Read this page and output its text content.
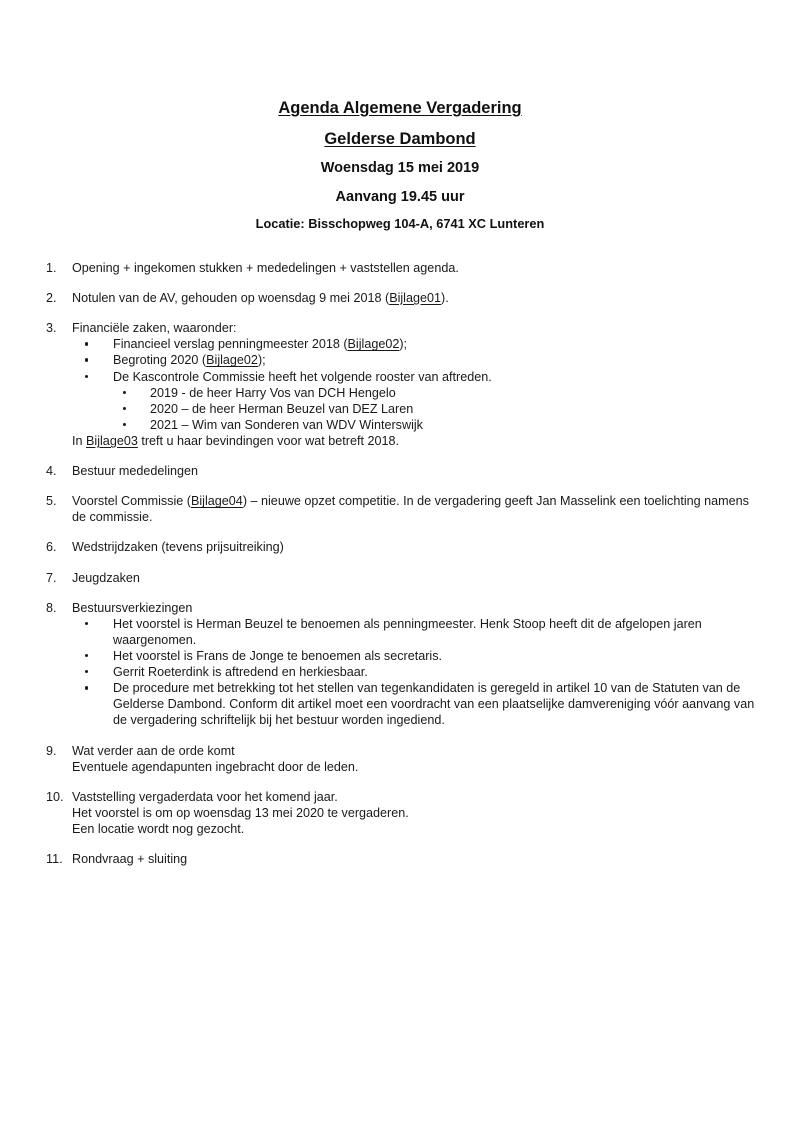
Agenda Algemene Vergadering
Gelderse Dambond
Woensdag 15 mei 2019
Aanvang 19.45 uur
Locatie: Bisschopweg 104-A, 6741 XC Lunteren
1.	Opening + ingekomen stukken + mededelingen + vaststellen agenda.
2.	Notulen van de AV, gehouden op woensdag 9 mei 2018 (Bijlage01).
3.	Financiële zaken, waaronder:
Financieel verslag penningmeester 2018 (Bijlage02);
Begroting 2020 (Bijlage02);
De Kascontrole Commissie heeft het volgende rooster van aftreden.
2019 - de heer Harry Vos van DCH Hengelo
2020 – de heer Herman Beuzel van DEZ Laren
2021 – Wim van Sonderen van WDV Winterswijk
In Bijlage03 treft u haar bevindingen voor wat betreft 2018.
4.	Bestuur mededelingen
5.	Voorstel Commissie (Bijlage04) – nieuwe opzet competitie. In de vergadering geeft Jan Masselink een toelichting namens de commissie.
6.	Wedstrijdzaken (tevens prijsuitreiking)
7.	Jeugdzaken
8.	Bestuursverkiezingen
Het voorstel is Herman Beuzel te benoemen als penningmeester. Henk Stoop heeft dit de afgelopen jaren waargenomen.
Het voorstel is Frans de Jonge te benoemen als secretaris.
Gerrit Roeterdink is aftredend en herkiesbaar.
De procedure met betrekking tot het stellen van tegenkandidaten is geregeld in artikel 10 van de Statuten van de Gelderse Dambond. Conform dit artikel moet een voordracht van een plaatselijke damvereniging vóór aanvang van de vergadering schriftelijk bij het bestuur worden ingediend.
9.	Wat verder aan de orde komt
Eventuele agendapunten ingebracht door de leden.
10. Vaststelling vergaderdata voor het komend jaar.
Het voorstel is om op woensdag 13 mei 2020 te vergaderen.
Een locatie wordt nog gezocht.
11. Rondvraag + sluiting
